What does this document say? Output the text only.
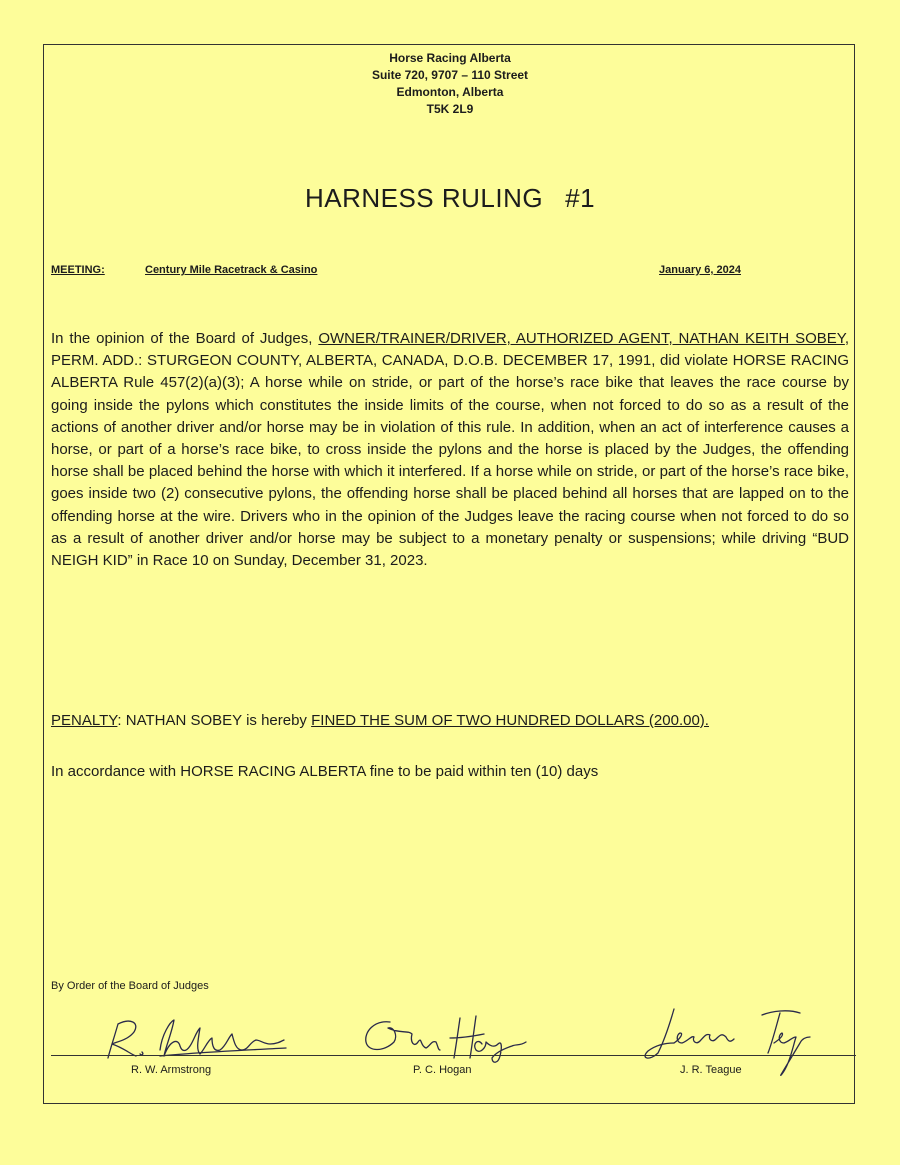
Horse Racing Alberta
Suite 720, 9707 – 110 Street
Edmonton, Alberta
T5K 2L9
HARNESS RULING #1
MEETING:	Century Mile Racetrack & Casino	January 6, 2024

In the opinion of the Board of Judges, OWNER/TRAINER/DRIVER, AUTHORIZED AGENT, NATHAN KEITH SOBEY, PERM. ADD.: STURGEON COUNTY, ALBERTA, CANADA, D.O.B. DECEMBER 17, 1991, did violate HORSE RACING ALBERTA Rule 457(2)(a)(3); A horse while on stride, or part of the horse’s race bike that leaves the race course by going inside the pylons which constitutes the inside limits of the course, when not forced to do so as a result of the actions of another driver and/or horse may be in violation of this rule. In addition, when an act of interference causes a horse, or part of a horse’s race bike, to cross inside the pylons and the horse is placed by the Judges, the offending horse shall be placed behind the horse with which it interfered. If a horse while on stride, or part of the horse’s race bike, goes inside two (2) consecutive pylons, the offending horse shall be placed behind all horses that are lapped on to the offending horse at the wire. Drivers who in the opinion of the Judges leave the racing course when not forced to do so as a result of another driver and/or horse may be subject to a monetary penalty or suspensions; while driving “BUD NEIGH KID” in Race 10 on Sunday, December 31, 2023.

PENALTY: NATHAN SOBEY is hereby FINED THE SUM OF TWO HUNDRED DOLLARS (200.00).
In accordance with HORSE RACING ALBERTA fine to be paid within ten (10) days
By Order of the Board of Judges
R. W. Armstrong	P. C. Hogan	J. R. Teague
